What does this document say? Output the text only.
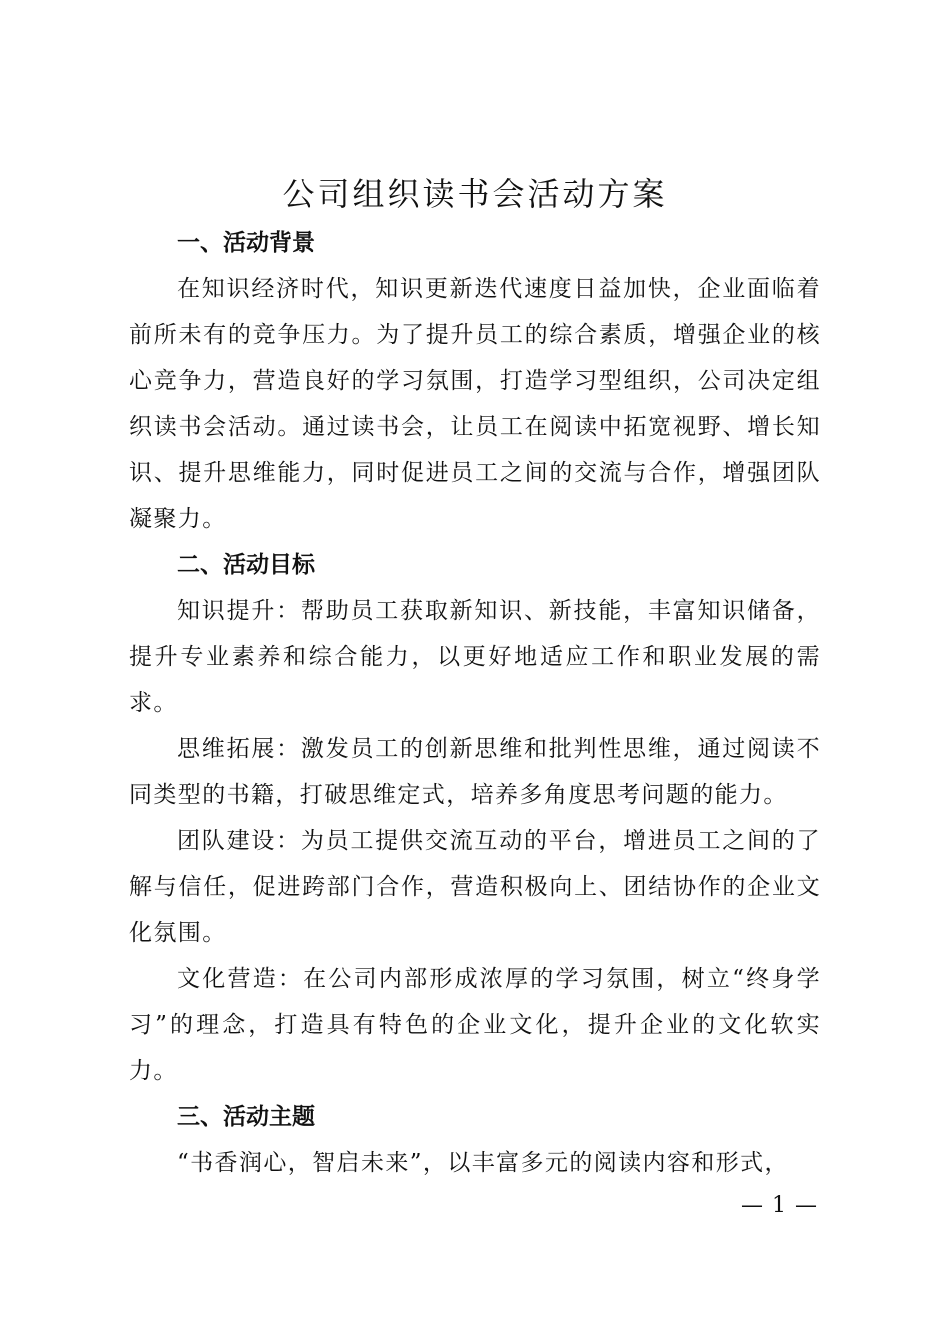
公司组织读书会活动方案
一、活动背景

在知识经济时代，知识更新迭代速度日益加快，企业面临着前所未有的竞争压力。为了提升员工的综合素质，增强企业的核心竞争力，营造良好的学习氛围，打造学习型组织，公司决定组织读书会活动。通过读书会，让员工在阅读中拓宽视野、增长知识、提升思维能力，同时促进员工之间的交流与合作，增强团队凝聚力。

二、活动目标

知识提升：帮助员工获取新知识、新技能，丰富知识储备，提升专业素养和综合能力，以更好地适应工作和职业发展的需求。

思维拓展：激发员工的创新思维和批判性思维，通过阅读不同类型的书籍，打破思维定式，培养多角度思考问题的能力。

团队建设：为员工提供交流互动的平台，增进员工之间的了解与信任，促进跨部门合作，营造积极向上、团结协作的企业文化氛围。

文化营造：在公司内部形成浓厚的学习氛围，树立“终身学习”的理念，打造具有特色的企业文化，提升企业的文化软实力。

三、活动主题

“书香润心，智启未来”，以丰富多元的阅读内容和形式，

— 1 —
